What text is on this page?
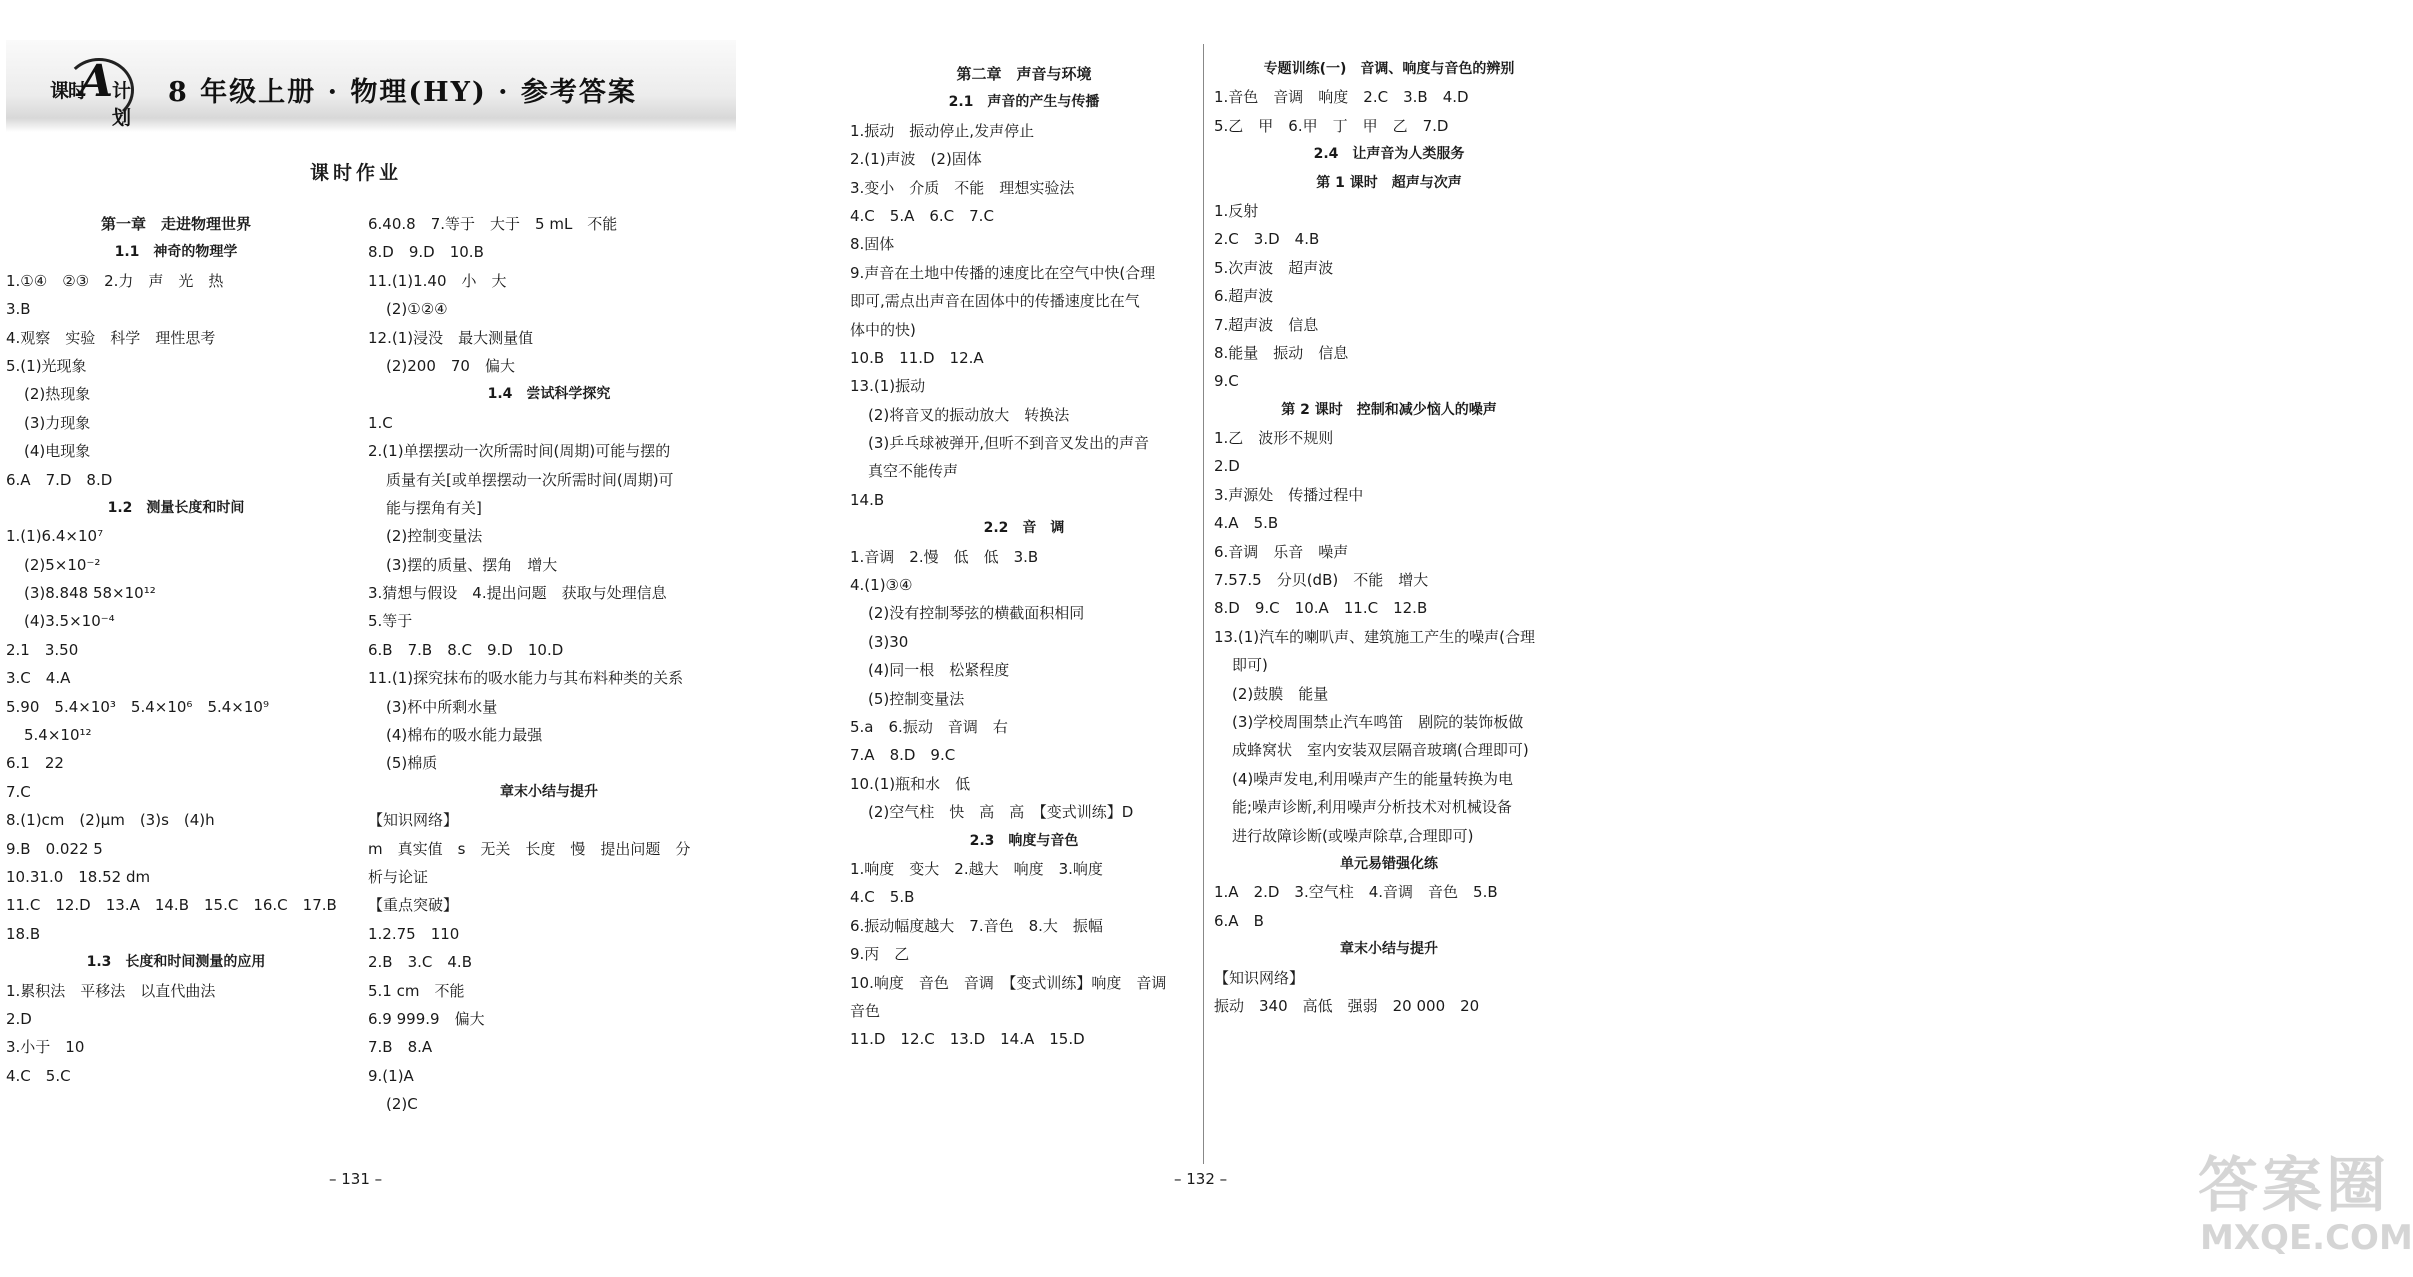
课时
A
计划
8 年级上册 · 物理(HY) · 参考答案
课时作业
第一章　走进物理世界
1.1　神奇的物理学
1.①④　②③　2.力　声　光　热
3.B
4.观察　实验　科学　理性思考
5.(1)光现象
(2)热现象
(3)力现象
(4)电现象
6.A　7.D　8.D
1.2　测量长度和时间
1.(1)6.4×10⁷
(2)5×10⁻²
(3)8.848 58×10¹²
(4)3.5×10⁻⁴
2.1　3.50
3.C　4.A
5.90　5.4×10³　5.4×10⁶　5.4×10⁹
5.4×10¹²
6.1　22
7.C
8.(1)cm　(2)μm　(3)s　(4)h
9.B　0.022 5
10.31.0　18.52 dm
11.C　12.D　13.A　14.B　15.C　16.C　17.B
18.B
1.3　长度和时间测量的应用
1.累积法　平移法　以直代曲法
2.D
3.小于　10
4.C　5.C
6.40.8　7.等于　大于　5 mL　不能
8.D　9.D　10.B
11.(1)1.40　小　大
(2)①②④
12.(1)浸没　最大测量值
(2)200　70　偏大
1.4　尝试科学探究
1.C
2.(1)单摆摆动一次所需时间(周期)可能与摆的
质量有关[或单摆摆动一次所需时间(周期)可
能与摆角有关]
(2)控制变量法
(3)摆的质量、摆角　增大
3.猜想与假设　4.提出问题　获取与处理信息
5.等于
6.B　7.B　8.C　9.D　10.D
11.(1)探究抹布的吸水能力与其布料种类的关系
(3)杯中所剩水量
(4)棉布的吸水能力最强
(5)棉质
章末小结与提升
【知识网络】
m　真实值　s　无关　长度　慢　提出问题　分
析与论证
【重点突破】
1.2.75　110
2.B　3.C　4.B
5.1 cm　不能
6.9 999.9　偏大
7.B　8.A
9.(1)A
(2)C
– 131 –
第二章　声音与环境
2.1　声音的产生与传播
1.振动　振动停止,发声停止
2.(1)声波　(2)固体
3.变小　介质　不能　理想实验法
4.C　5.A　6.C　7.C
8.固体
9.声音在土地中传播的速度比在空气中快(合理
即可,需点出声音在固体中的传播速度比在气
体中的快)
10.B　11.D　12.A
13.(1)振动
(2)将音叉的振动放大　转换法
(3)乒乓球被弹开,但听不到音叉发出的声音
真空不能传声
14.B
2.2　音　调
1.音调　2.慢　低　低　3.B
4.(1)③④
(2)没有控制琴弦的横截面积相同
(3)30
(4)同一根　松紧程度
(5)控制变量法
5.a　6.振动　音调　右
7.A　8.D　9.C
10.(1)瓶和水　低
(2)空气柱　快　高　高　【变式训练】D
2.3　响度与音色
1.响度　变大　2.越大　响度　3.响度
4.C　5.B
6.振动幅度越大　7.音色　8.大　振幅
9.丙　乙
10.响度　音色　音调　【变式训练】响度　音调
音色
11.D　12.C　13.D　14.A　15.D
专题训练(一)　音调、响度与音色的辨别
1.音色　音调　响度　2.C　3.B　4.D
5.乙　甲　6.甲　丁　甲　乙　7.D
2.4　让声音为人类服务
第 1 课时　超声与次声
1.反射
2.C　3.D　4.B
5.次声波　超声波
6.超声波
7.超声波　信息
8.能量　振动　信息
9.C
第 2 课时　控制和减少恼人的噪声
1.乙　波形不规则
2.D
3.声源处　传播过程中
4.A　5.B
6.音调　乐音　噪声
7.57.5　分贝(dB)　不能　增大
8.D　9.C　10.A　11.C　12.B
13.(1)汽车的喇叭声、建筑施工产生的噪声(合理
即可)
(2)鼓膜　能量
(3)学校周围禁止汽车鸣笛　剧院的装饰板做
成蜂窝状　室内安装双层隔音玻璃(合理即可)
(4)噪声发电,利用噪声产生的能量转换为电
能;噪声诊断,利用噪声分析技术对机械设备
进行故障诊断(或噪声除草,合理即可)
单元易错强化练
1.A　2.D　3.空气柱　4.音调　音色　5.B
6.A　B
章末小结与提升
【知识网络】
振动　340　高低　强弱　20 000　20
– 132 –	答案圈
MXQE.COM
